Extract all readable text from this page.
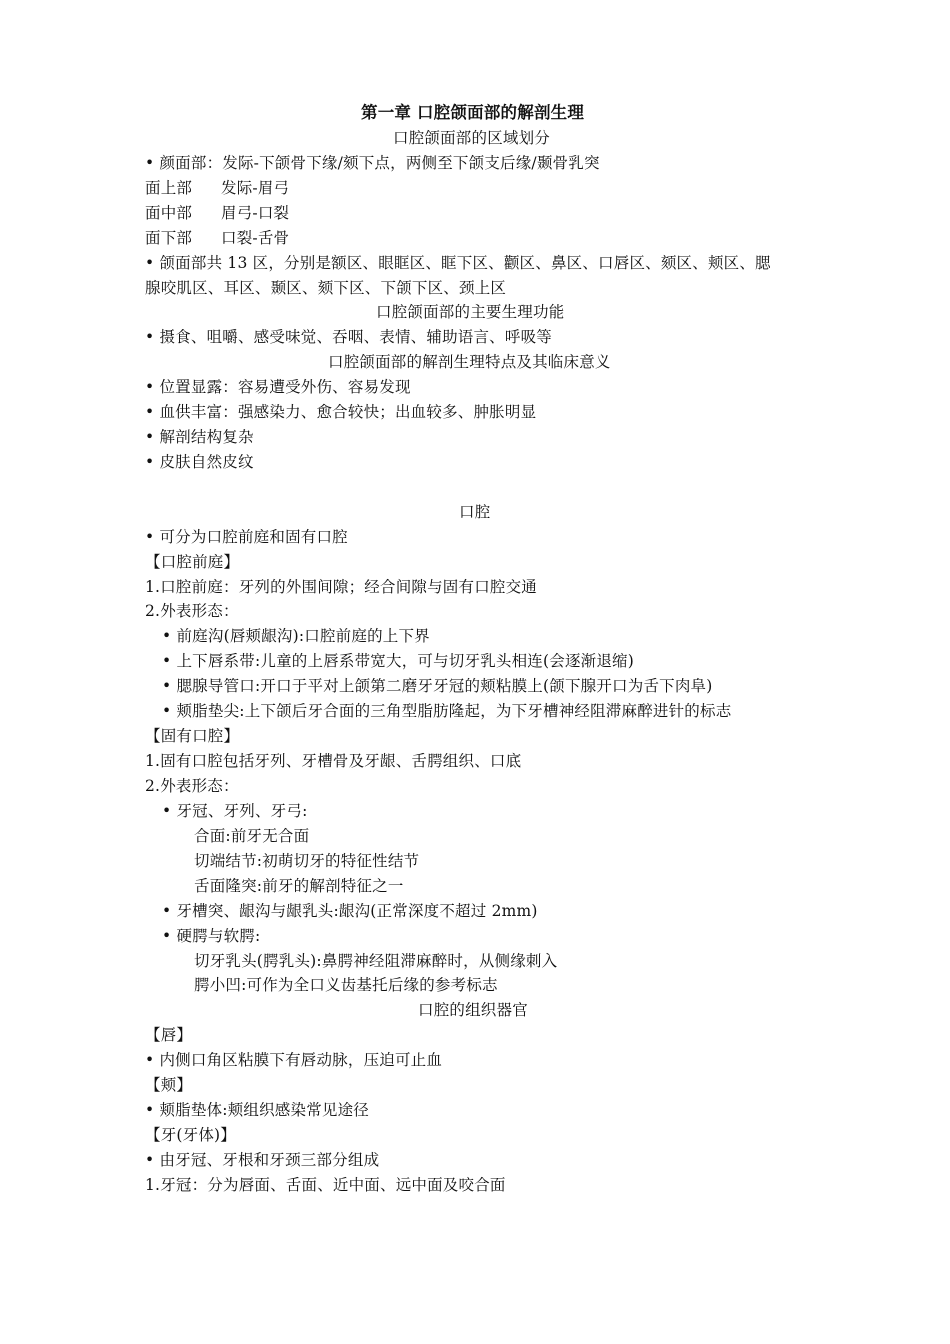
第一章 口腔颌面部的解剖生理
口腔颌面部的区域划分
• 颜面部：发际-下颌骨下缘/颏下点，两侧至下颌支后缘/颞骨乳突
面上部 发际-眉弓
面中部 眉弓-口裂
面下部 口裂-舌骨
• 颌面部共 13 区，分别是额区、眼眶区、眶下区、颧区、鼻区、口唇区、颏区、颊区、腮
腺咬肌区、耳区、颞区、颏下区、下颌下区、颈上区
口腔颌面部的主要生理功能
• 摄食、咀嚼、感受味觉、吞咽、表情、辅助语言、呼吸等
口腔颌面部的解剖生理特点及其临床意义
• 位置显露：容易遭受外伤、容易发现
• 血供丰富：强感染力、愈合较快；出血较多、肿胀明显
• 解剖结构复杂
• 皮肤自然皮纹
口腔
• 可分为口腔前庭和固有口腔
【口腔前庭】
1.口腔前庭：牙列的外围间隙；经合间隙与固有口腔交通
2.外表形态：
• 前庭沟(唇颊龈沟):口腔前庭的上下界
• 上下唇系带:儿童的上唇系带宽大，可与切牙乳头相连(会逐渐退缩)
• 腮腺导管口:开口于平对上颌第二磨牙牙冠的颊粘膜上(颌下腺开口为舌下肉阜)
• 颊脂垫尖:上下颌后牙合面的三角型脂肪隆起，为下牙槽神经阻滞麻醉进针的标志
【固有口腔】
1.固有口腔包括牙列、牙槽骨及牙龈、舌腭组织、口底
2.外表形态：
• 牙冠、牙列、牙弓:
合面:前牙无合面
切端结节:初萌切牙的特征性结节
舌面隆突:前牙的解剖特征之一
• 牙槽突、龈沟与龈乳头:龈沟(正常深度不超过 2mm)
• 硬腭与软腭:
切牙乳头(腭乳头):鼻腭神经阻滞麻醉时，从侧缘刺入
腭小凹:可作为全口义齿基托后缘的参考标志
口腔的组织器官
【唇】
• 内侧口角区粘膜下有唇动脉，压迫可止血
【颊】
• 颊脂垫体:颊组织感染常见途径
【牙(牙体)】
• 由牙冠、牙根和牙颈三部分组成
1.牙冠：分为唇面、舌面、近中面、远中面及咬合面
